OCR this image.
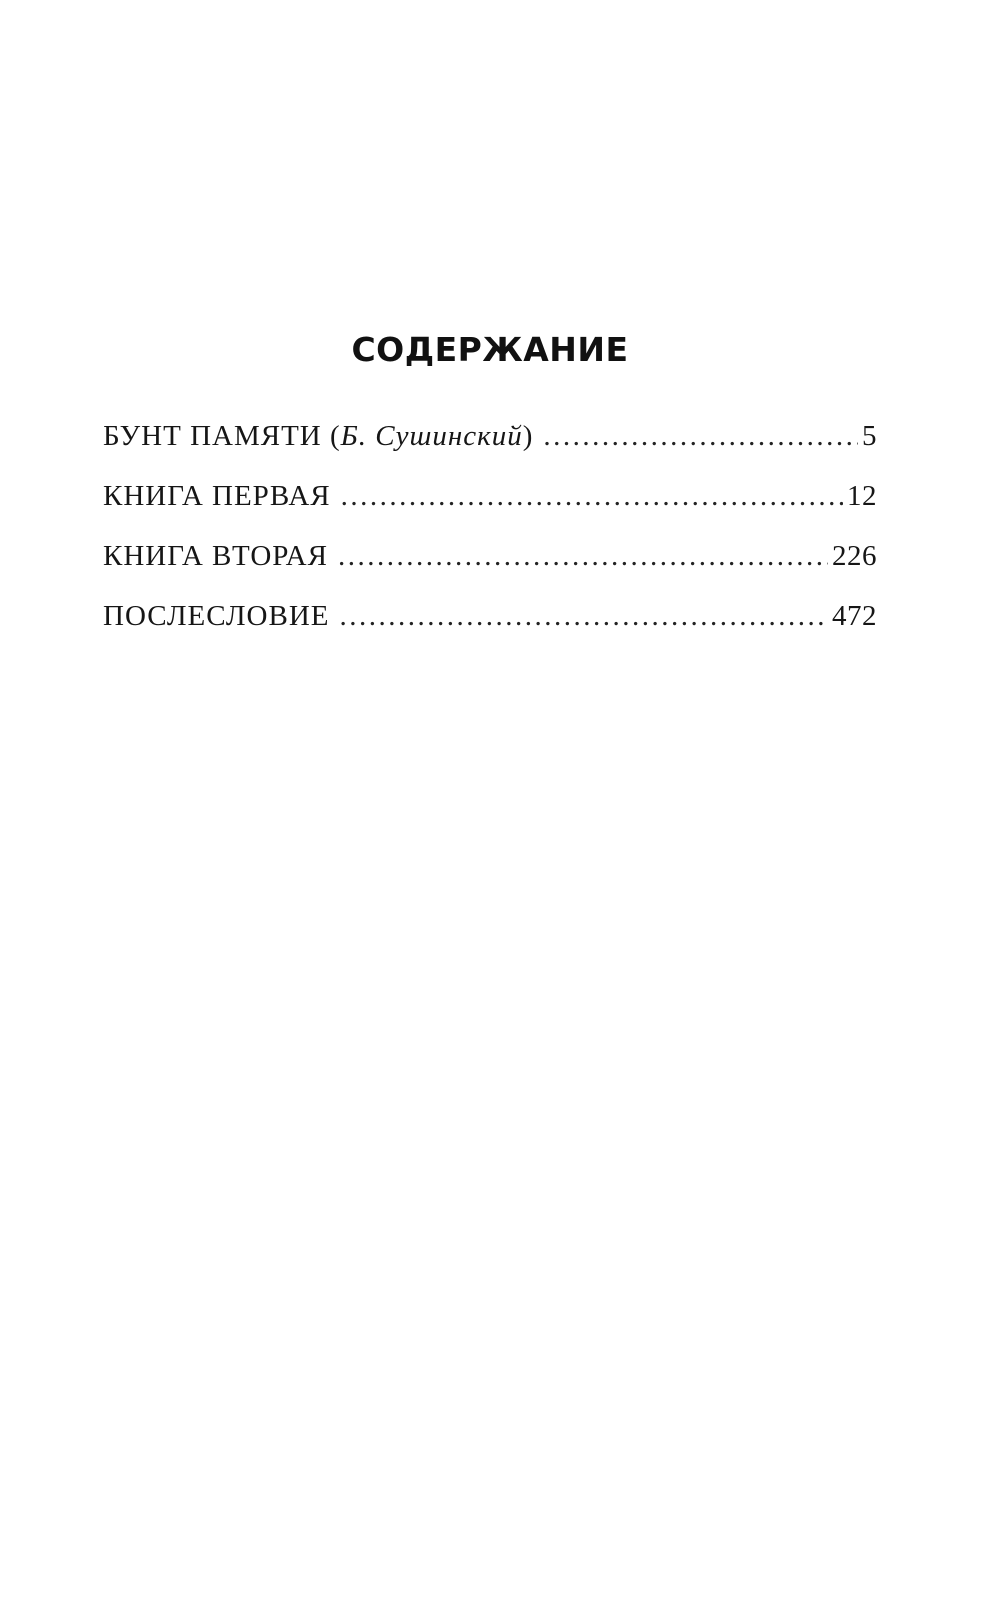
СОДЕРЖАНИЕ
БУНТ ПАМЯТИ (Б. Сушинский) .....	5
КНИГА ПЕРВАЯ .....	12
КНИГА ВТОРАЯ .....	226
ПОСЛЕСЛОВИЕ .....	472
